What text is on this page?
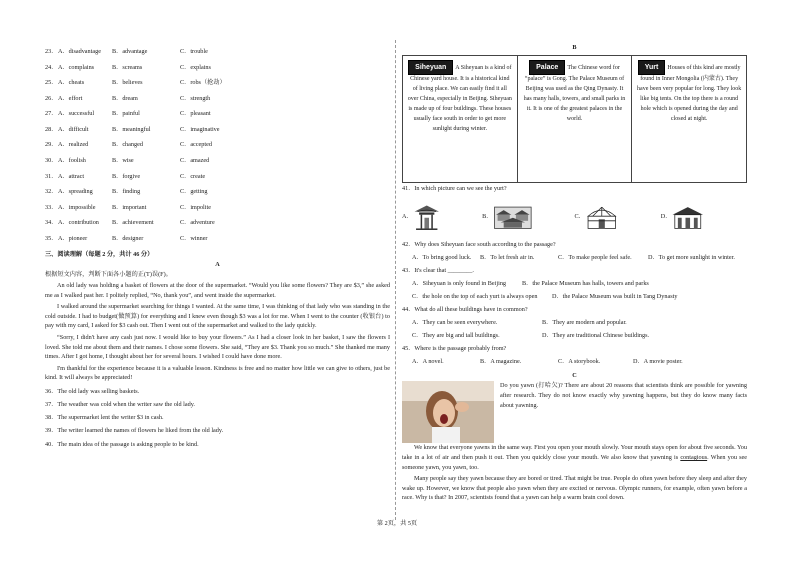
23． A．disadvantage	B．advantage	C．trouble
24． A．complains	B．screams	C．explains
25． A．cheats	B．believes	C．robs（抢劫）
26． A．effort	B．dream	C．strength
27． A．successful	B．painful	C．pleasant
28． A．difficult	B．meaningful	C．imaginative
29． A．realized	B．changed	C．accepted
30． A．foolish	B．wise	C．amazed
31． A．attract	B．forgive	C．create
32． A．spreading	B．finding	C．getting
33． A．impossible	B．important	C．impolite
34． A．contribution	B．achievement	C．adventure
35． A．pioneer	B．designer	C．winner
三、阅读理解（每题 2 分，共计 46 分）
A
根据短文内容，判断下面各小题的正(T)误(F)。

An old lady was holding a basket of flowers at the door of the supermarket. “Would you like some flowers? They are $3,” she asked me as I walked past her. I politely replied, “No, thank you”, and went inside the supermarket.

I walked around the supermarket searching for things I wanted. At the same time, I was thinking of that lady who was standing in the cold outside. I had to budget(做预算) for everything and I knew even though $3 was a lot for me. When I went to the counter (收银台) to pay with my card, I asked for $3 cash out. Then I went out of the supermarket and walked to the lady quickly.

“Sorry, I didn't have any cash just now. I would like to buy your flowers.” As I had a closer look in her basket, I saw the flowers I loved. She told me about them and their names. I chose some flowers. She said, “They are $3. Thank you so much.” She thanked me many times. After I got home, I thought about her for several hours. I wished I could have done more.

I'm thankful for the experience because it is a valuable lesson. Kindness is free and no matter how little we can give to others, just be kind. It will always be appreciated!

36．The old lady was selling baskets.
37．The weather was cold when the writer saw the old lady.
38．The supermarket lent the writer $3 in cash.
39．The writer learned the names of flowers he liked from the old lady.
40．The main idea of the passage is asking people to be kind.
B
Siheyuan A Siheyuan is a kind of Chinese yard house. It is a historical kind of living place. We can easily find it all over China, especially in Beijing. Siheyuan is made up of four buildings. These houses usually face south in order to get more sunlight during winter.	Palace The Chinese word for “palace” is Gong. The Palace Museum of Beijing was used as the Qing Dynasty. It has many halls, towers, and small parks in it. It is one of the greatest palaces in the world.	Yurt Houses of this kind are mostly found in Inner Mongolia (内蒙古). They have been very popular for long. They look like big tents. On the top there is a round hole which is opened during the day and closed at night.
41．In which picture can we see the yurt?
A．	B．	C．	D．
42．Why does Siheyuan face south according to the passage?
A．To bring good luck.	B．To let fresh air in.	C．To make people feel safe.	D．To get more sunlight in winter.
43．It's clear that ________.
A．Siheyuan is only found in Beijing	B．the Palace Museum has halls, towers and parks
C．the hole on the top of each yurt is always open	D．the Palace Museum was built in Tang Dynasty
44．What do all these buildings have in common?
A．They can be seen everywhere.	B．They are modern and popular.
C．They are big and tall buildings.	D．They are traditional Chinese buildings.
45．Where is the passage probably from?
A．A novel.	B．A magazine.	C．A storybook.	D．A movie poster.
C

Do you yawn (打哈欠)? There are about 20 reasons that scientists think are possible for yawning after research. They do not know exactly why yawning happens, but they do know many facts about yawning.

We know that everyone yawns in the same way. First you open your mouth slowly. Your mouth stays open for about five seconds. You take in a lot of air and then push it out. Then you quickly close your mouth. We also know that yawning is contagious. When you see someone yawn, you yawn, too.

Many people say they yawn because they are bored or tired. That might be true. People do often yawn before they sleep and after they wake up. However, we know that people also yawn when they are excited or nervous. Olympic runners, for example, often yawn before a race. Why is that? In 2007, scientists found that a yawn can help a warm brain cool down.

第 2页，共 5页
